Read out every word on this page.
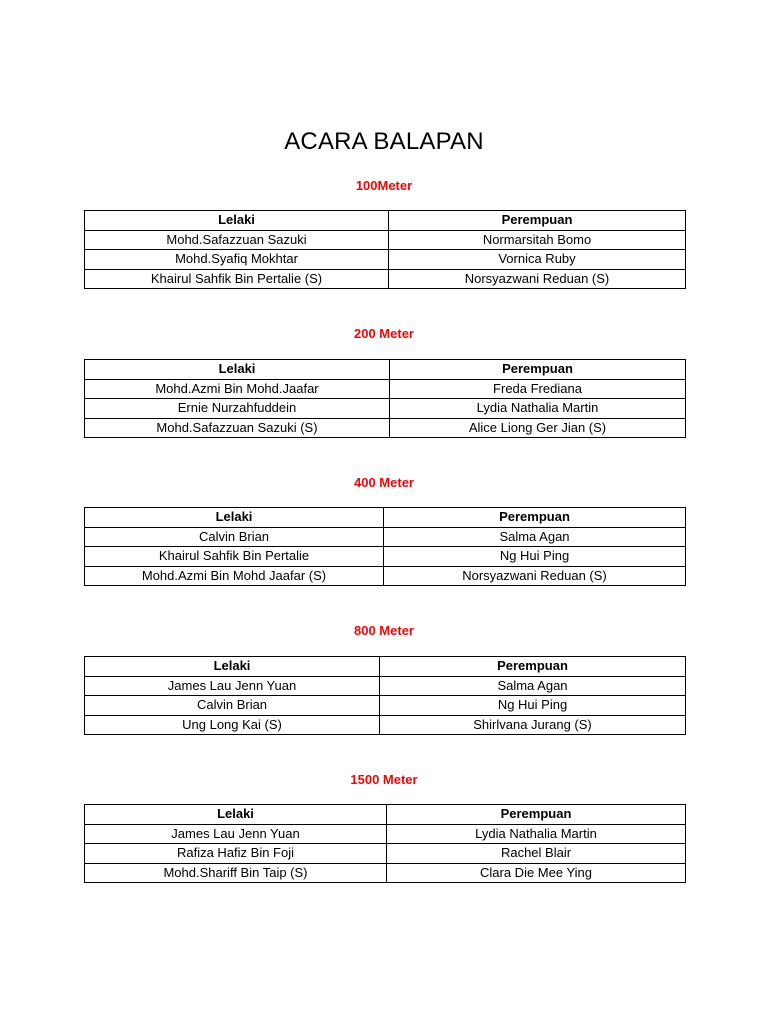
ACARA BALAPAN
100Meter
Lelaki	Perempuan
Mohd.Safazzuan Sazuki	Normarsitah Bomo
Mohd.Syafiq Mokhtar	Vornica Ruby
Khairul Sahfik Bin Pertalie (S)	Norsyazwani Reduan (S)
200 Meter
Lelaki	Perempuan
Mohd.Azmi Bin Mohd.Jaafar	Freda Frediana
Ernie Nurzahfuddein	Lydia Nathalia Martin
Mohd.Safazzuan Sazuki (S)	Alice Liong Ger Jian (S)
400 Meter
Lelaki	Perempuan
Calvin Brian	Salma Agan
Khairul Sahfik Bin Pertalie	Ng Hui Ping
Mohd.Azmi Bin Mohd Jaafar (S)	Norsyazwani Reduan (S)
800 Meter
Lelaki	Perempuan
James Lau Jenn Yuan	Salma Agan
Calvin Brian	Ng Hui Ping
Ung Long Kai (S)	Shirlvana Jurang (S)
1500 Meter
Lelaki	Perempuan
James Lau Jenn Yuan	Lydia Nathalia Martin
Rafiza Hafiz Bin Foji	Rachel Blair
Mohd.Shariff Bin Taip (S)	Clara Die Mee Ying
